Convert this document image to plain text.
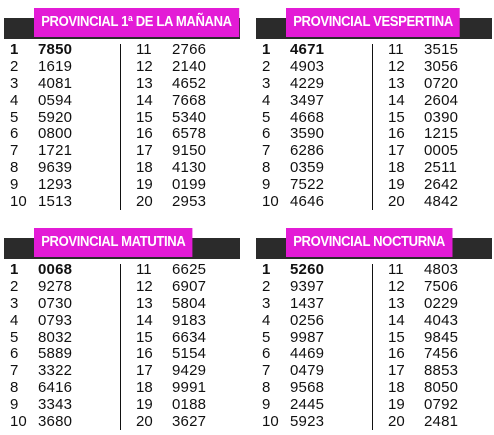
PROVINCIAL 1ª DE LA MAÑANA
1 7850
2 1619
3 4081
4 0594
5 5920
6 0800
7 1721
8 9639
9 1293
10 1513
11 2766
12 2140
13 4652
14 7668
15 5340
16 6578
17 9150
18 4130
19 0199
20 2953
PROVINCIAL VESPERTINA
1 4671
2 4903
3 4229
4 3497
5 4668
6 3590
7 6286
8 0359
9 7522
10 4646
11 3515
12 3056
13 0720
14 2604
15 0390
16 1215
17 0005
18 2511
19 2642
20 4842
PROVINCIAL MATUTINA
1 0068
2 9278
3 0730
4 0793
5 8032
6 5889
7 3322
8 6416
9 3343
10 3680
11 6625
12 6907
13 5804
14 9183
15 6634
16 5154
17 9429
18 9991
19 0188
20 3627
PROVINCIAL NOCTURNA
1 5260
2 9397
3 1437
4 0256
5 9987
6 4469
7 0479
8 9568
9 2445
10 5923
11 4803
12 7506
13 0229
14 4043
15 9845
16 7456
17 8853
18 8050
19 0792
20 2481
